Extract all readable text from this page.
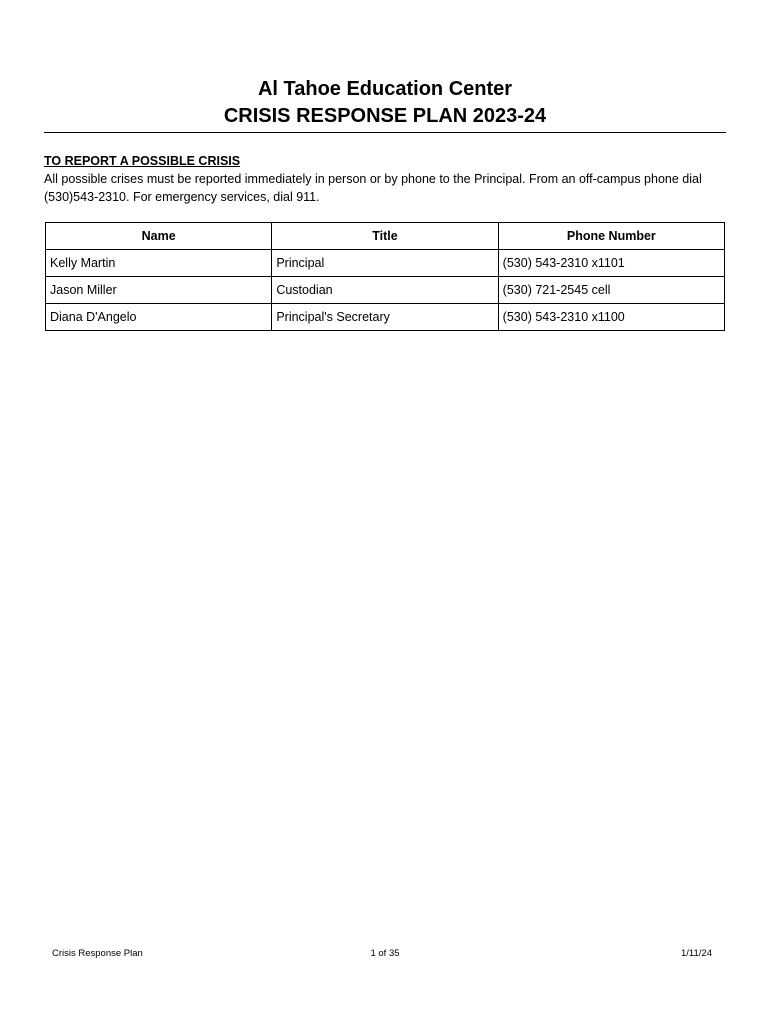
Al Tahoe Education Center
CRISIS RESPONSE PLAN 2023-24
TO REPORT A POSSIBLE CRISIS
All possible crises must be reported immediately in person or by phone to the Principal. From an off-campus phone dial (530)543-2310. For emergency services, dial 911.
Name	Title	Phone Number
Kelly Martin	Principal	(530) 543-2310 x1101
Jason Miller	Custodian	(530) 721-2545 cell
Diana D'Angelo	Principal's Secretary	(530) 543-2310 x1100
Crisis Response Plan	1 of 35	1/11/24
